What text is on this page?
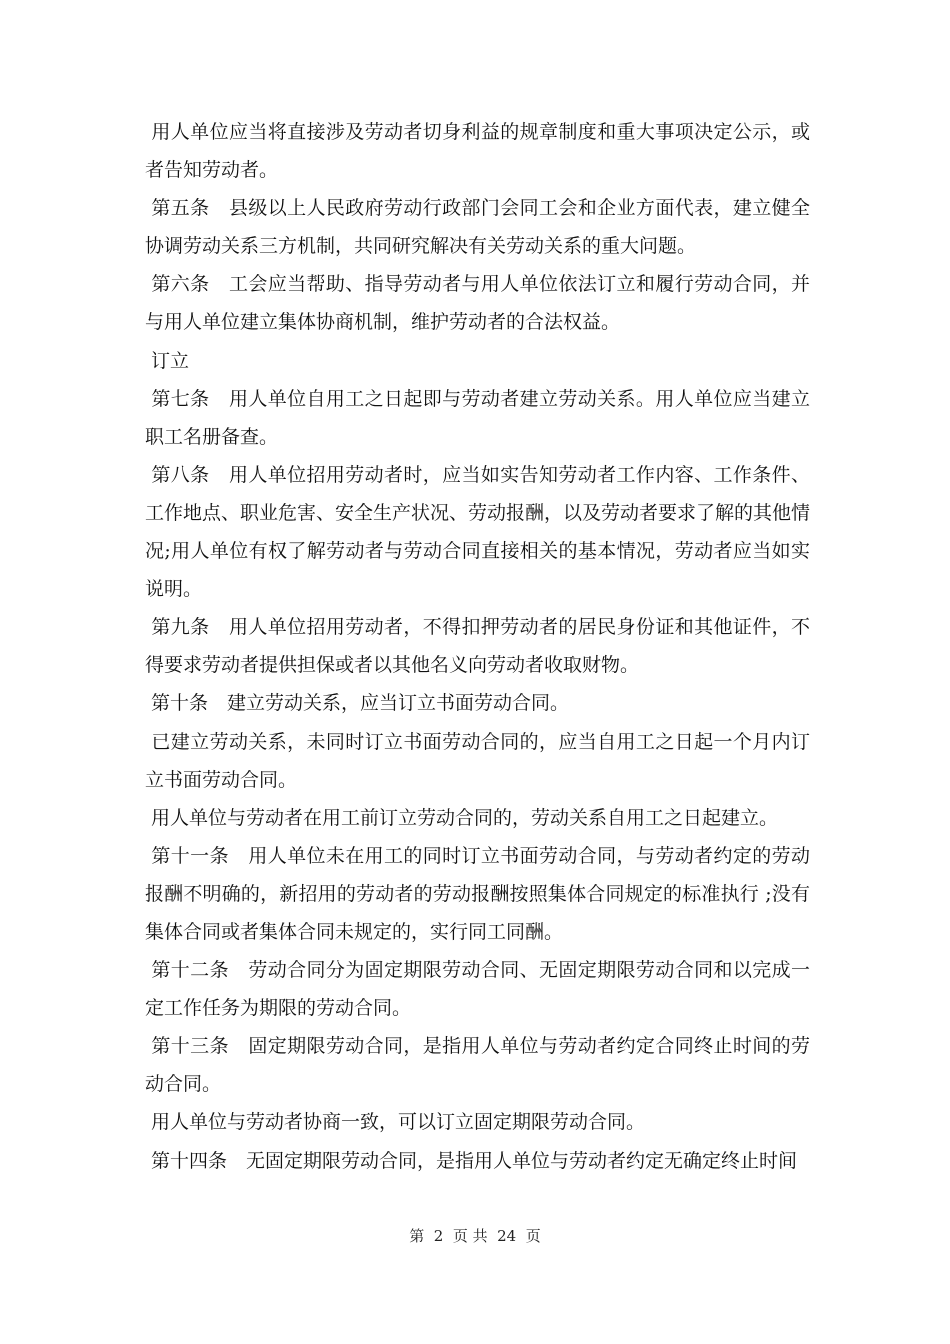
用人单位应当将直接涉及劳动者切身利益的规章制度和重大事项决定公示，或者告知劳动者。

第五条　县级以上人民政府劳动行政部门会同工会和企业方面代表，建立健全协调劳动关系三方机制，共同研究解决有关劳动关系的重大问题。

第六条　工会应当帮助、指导劳动者与用人单位依法订立和履行劳动合同，并与用人单位建立集体协商机制，维护劳动者的合法权益。

订立

第七条　用人单位自用工之日起即与劳动者建立劳动关系。用人单位应当建立职工名册备查。

第八条　用人单位招用劳动者时，应当如实告知劳动者工作内容、工作条件、工作地点、职业危害、安全生产状况、劳动报酬，以及劳动者要求了解的其他情况;用人单位有权了解劳动者与劳动合同直接相关的基本情况，劳动者应当如实说明。

第九条　用人单位招用劳动者，不得扣押劳动者的居民身份证和其他证件，不得要求劳动者提供担保或者以其他名义向劳动者收取财物。

第十条　建立劳动关系，应当订立书面劳动合同。

已建立劳动关系，未同时订立书面劳动合同的，应当自用工之日起一个月内订立书面劳动合同。

用人单位与劳动者在用工前订立劳动合同的，劳动关系自用工之日起建立。

第十一条　用人单位未在用工的同时订立书面劳动合同，与劳动者约定的劳动报酬不明确的，新招用的劳动者的劳动报酬按照集体合同规定的标准执行 ;没有集体合同或者集体合同未规定的，实行同工同酬。

第十二条　劳动合同分为固定期限劳动合同、无固定期限劳动合同和以完成一定工作任务为期限的劳动合同。

第十三条　固定期限劳动合同，是指用人单位与劳动者约定合同终止时间的劳动合同。

用人单位与劳动者协商一致，可以订立固定期限劳动合同。

第十四条　无固定期限劳动合同，是指用人单位与劳动者约定无确定终止时间

第  2  页 共  24  页
